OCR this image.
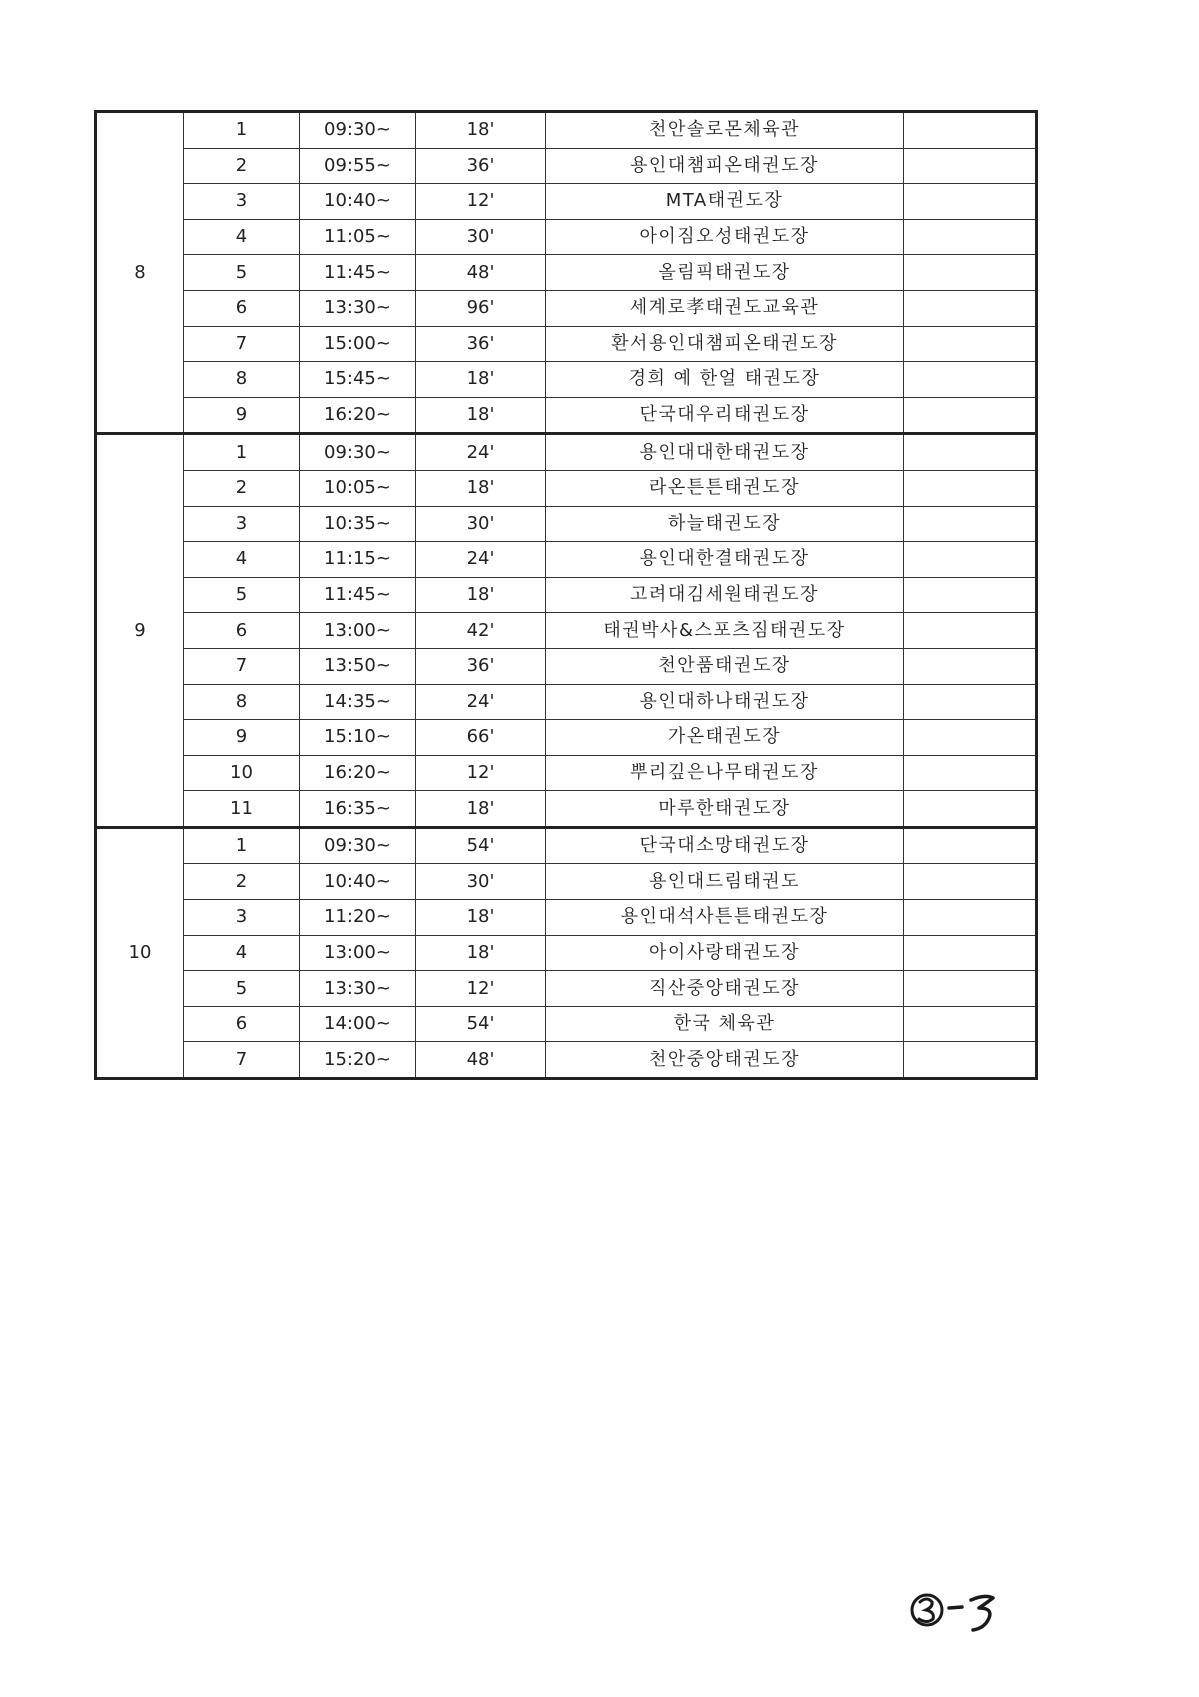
8	1	09:30~	18'	천안솔로몬체육관	
	2	09:55~	36'	용인대챔피온태권도장	
	3	10:40~	12'	MTA태권도장	
	4	11:05~	30'	아이짐오성태권도장	
	5	11:45~	48'	올림픽태권도장	
	6	13:30~	96'	세계로孝태권도교육관	
	7	15:00~	36'	환서용인대챔피온태권도장	
	8	15:45~	18'	경희 예 한얼 태권도장	
	9	16:20~	18'	단국대우리태권도장	
9	1	09:30~	24'	용인대대한태권도장	
	2	10:05~	18'	라온튼튼태권도장	
	3	10:35~	30'	하늘태권도장	
	4	11:15~	24'	용인대한결태권도장	
	5	11:45~	18'	고려대김세원태권도장	
	6	13:00~	42'	태권박사&스포츠짐태권도장	
	7	13:50~	36'	천안품태권도장	
	8	14:35~	24'	용인대하나태권도장	
	9	15:10~	66'	가온태권도장	
	10	16:20~	12'	뿌리깊은나무태권도장	
	11	16:35~	18'	마루한태권도장	
10	1	09:30~	54'	단국대소망태권도장	
	2	10:40~	30'	용인대드림태권도	
	3	11:20~	18'	용인대석사튼튼태권도장	
	4	13:00~	18'	아이사랑태권도장	
	5	13:30~	12'	직산중앙태권도장	
	6	14:00~	54'	한국 체육관	
	7	15:20~	48'	천안중앙태권도장	
